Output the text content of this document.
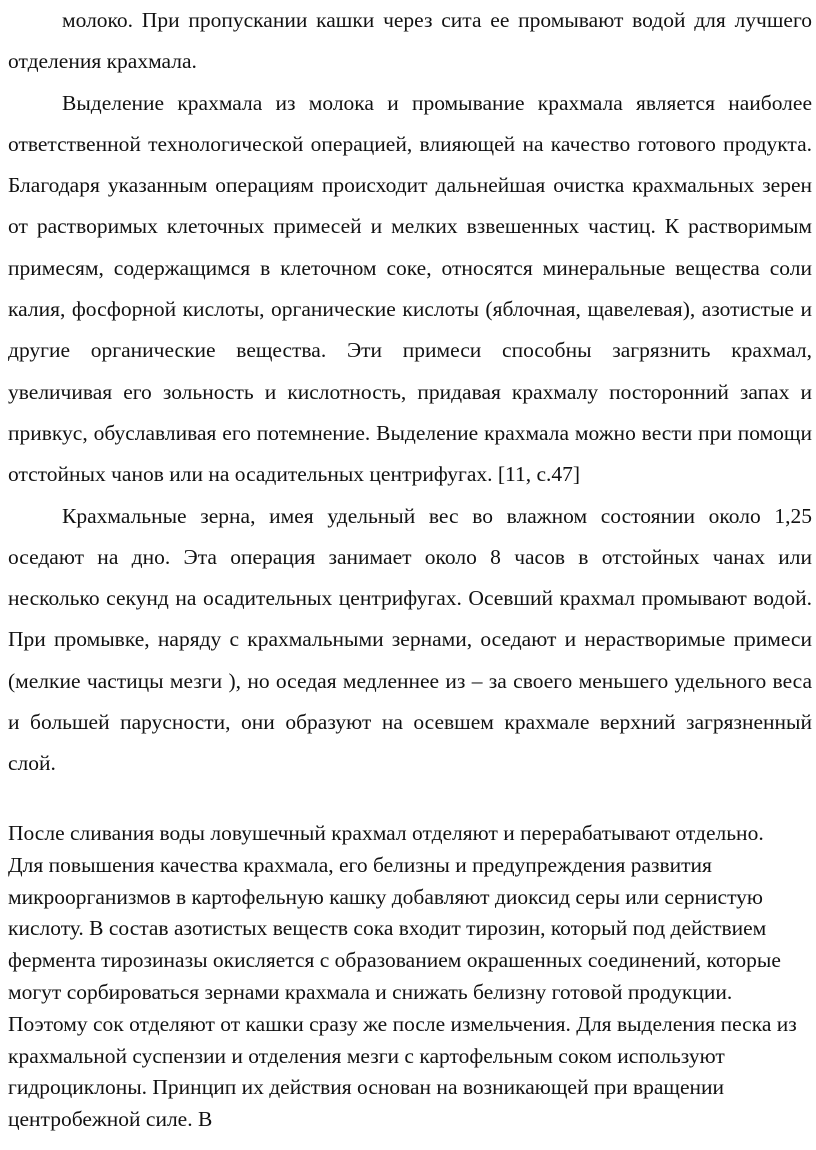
молоко. При пропускании кашки через сита ее промывают водой для лучшего отделения крахмала.

Выделение крахмала из молока и промывание крахмала является наиболее ответственной технологической операцией, влияющей на качество готового продукта. Благодаря указанным операциям происходит дальнейшая очистка крахмальных зерен от растворимых клеточных примесей и мелких взвешенных частиц. К растворимым примесям, содержащимся в клеточном соке, относятся минеральные вещества соли калия, фосфорной кислоты, органические кислоты (яблочная, щавелевая), азотистые и другие органические вещества. Эти примеси способны загрязнить крахмал, увеличивая его зольность и кислотность, придавая крахмалу посторонний запах и привкус, обуславливая его потемнение. Выделение крахмала можно вести при помощи отстойных чанов или на осадительных центрифугах. [11, с.47]

Крахмальные зерна, имея удельный вес во влажном состоянии около 1,25 оседают на дно. Эта операция занимает около 8 часов в отстойных чанах или несколько секунд на осадительных центрифугах. Осевший крахмал промывают водой. При промывке, наряду с крахмальными зернами, оседают и нерастворимые примеси (мелкие частицы мезги ), но оседая медленнее из – за своего меньшего удельного веса и большей парусности, они образуют на осевшем крахмале верхний загрязненный слой.

После сливания воды ловушечный крахмал отделяют и перерабатывают отдельно. Для повышения качества крахмала, его белизны и предупреждения развития микроорганизмов в картофельную кашку добавляют диоксид серы или сернистую кислоту. В состав азотистых веществ сока входит тирозин, который под действием фермента тирозиназы окисляется с образованием окрашенных соединений, которые могут сорбироваться зернами крахмала и снижать белизну готовой продукции. Поэтому сок отделяют от кашки сразу же после измельчения. Для выделения песка из крахмальной суспензии и отделения мезги с картофельным соком используют гидроциклоны. Принцип их действия основан на возникающей при вращении центробежной силе. В
